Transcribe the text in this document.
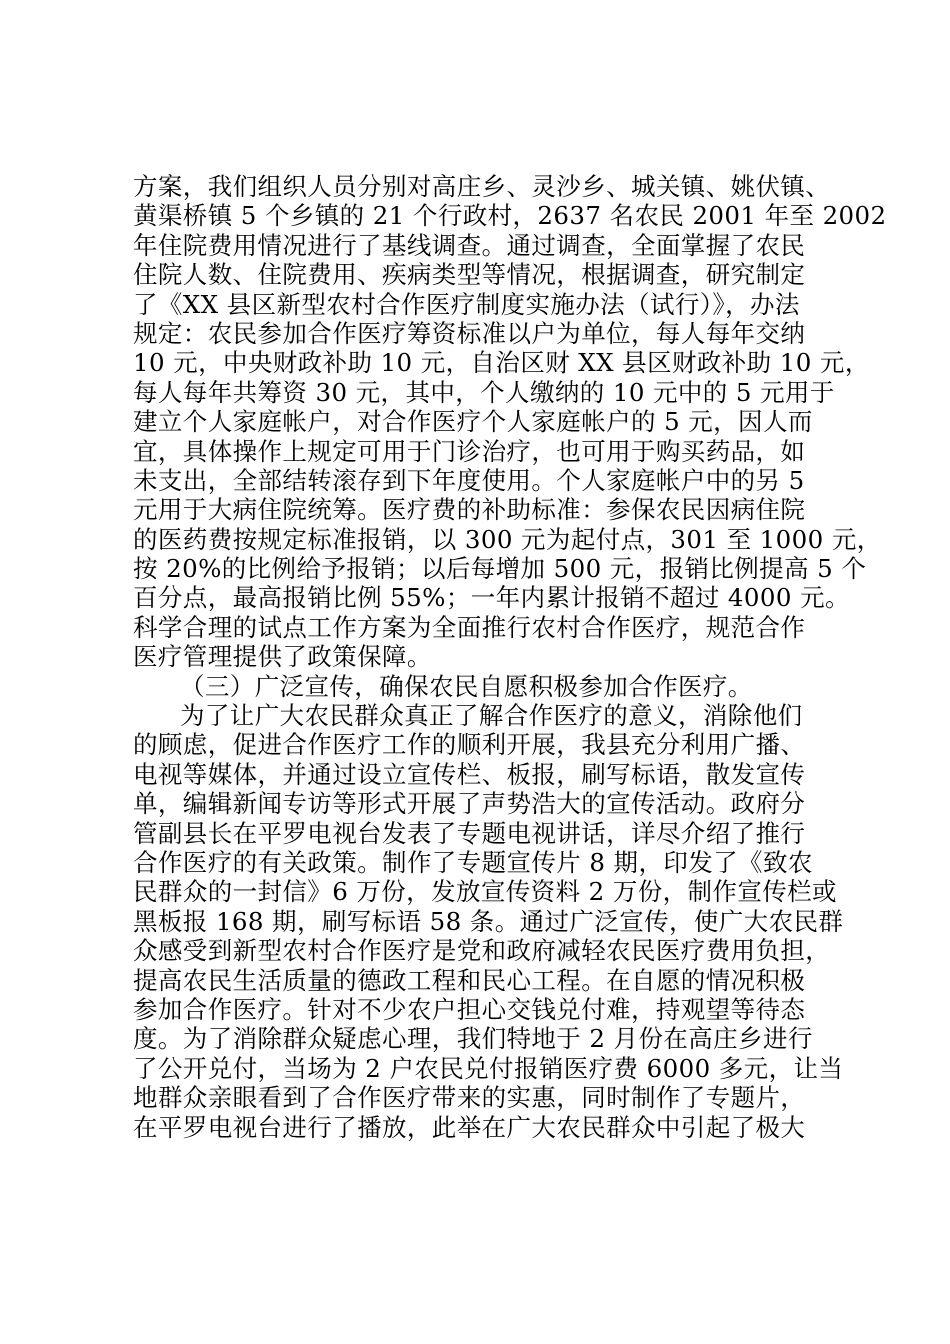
方案，我们组织人员分别对高庄乡、灵沙乡、城关镇、姚伏镇、
黄渠桥镇 5 个乡镇的 21 个行政村，2637 名农民 2001 年至 2002
年住院费用情况进行了基线调查。通过调查，全面掌握了农民
住院人数、住院费用、疾病类型等情况，根据调查，研究制定
了《XX 县区新型农村合作医疗制度实施办法（试行）》，办法
规定：农民参加合作医疗筹资标准以户为单位，每人每年交纳
10 元，中央财政补助 10 元，自治区财 XX 县区财政补助 10 元，
每人每年共筹资 30 元，其中，个人缴纳的 10 元中的 5 元用于
建立个人家庭帐户，对合作医疗个人家庭帐户的 5 元，因人而
宜，具体操作上规定可用于门诊治疗，也可用于购买药品，如
未支出，全部结转滚存到下年度使用。个人家庭帐户中的另 5
元用于大病住院统筹。医疗费的补助标准：参保农民因病住院
的医药费按规定标准报销，以 300 元为起付点，301 至 1000 元，
按 20%的比例给予报销；以后每增加 500 元，报销比例提高 5 个
百分点，最高报销比例 55%；一年内累计报销不超过 4000 元。
科学合理的试点工作方案为全面推行农村合作医疗，规范合作
医疗管理提供了政策保障。
（三）广泛宣传，确保农民自愿积极参加合作医疗。
为了让广大农民群众真正了解合作医疗的意义，消除他们
的顾虑，促进合作医疗工作的顺利开展，我县充分利用广播、
电视等媒体，并通过设立宣传栏、板报，刷写标语，散发宣传
单，编辑新闻专访等形式开展了声势浩大的宣传活动。政府分
管副县长在平罗电视台发表了专题电视讲话，详尽介绍了推行
合作医疗的有关政策。制作了专题宣传片 8 期，印发了《致农
民群众的一封信》6 万份，发放宣传资料 2 万份，制作宣传栏或
黑板报 168 期，刷写标语 58 条。通过广泛宣传，使广大农民群
众感受到新型农村合作医疗是党和政府减轻农民医疗费用负担，
提高农民生活质量的德政工程和民心工程。在自愿的情况积极
参加合作医疗。针对不少农户担心交钱兑付难，持观望等待态
度。为了消除群众疑虑心理，我们特地于 2 月份在高庄乡进行
了公开兑付，当场为 2 户农民兑付报销医疗费 6000 多元，让当
地群众亲眼看到了合作医疗带来的实惠，同时制作了专题片，
在平罗电视台进行了播放，此举在广大农民群众中引起了极大
